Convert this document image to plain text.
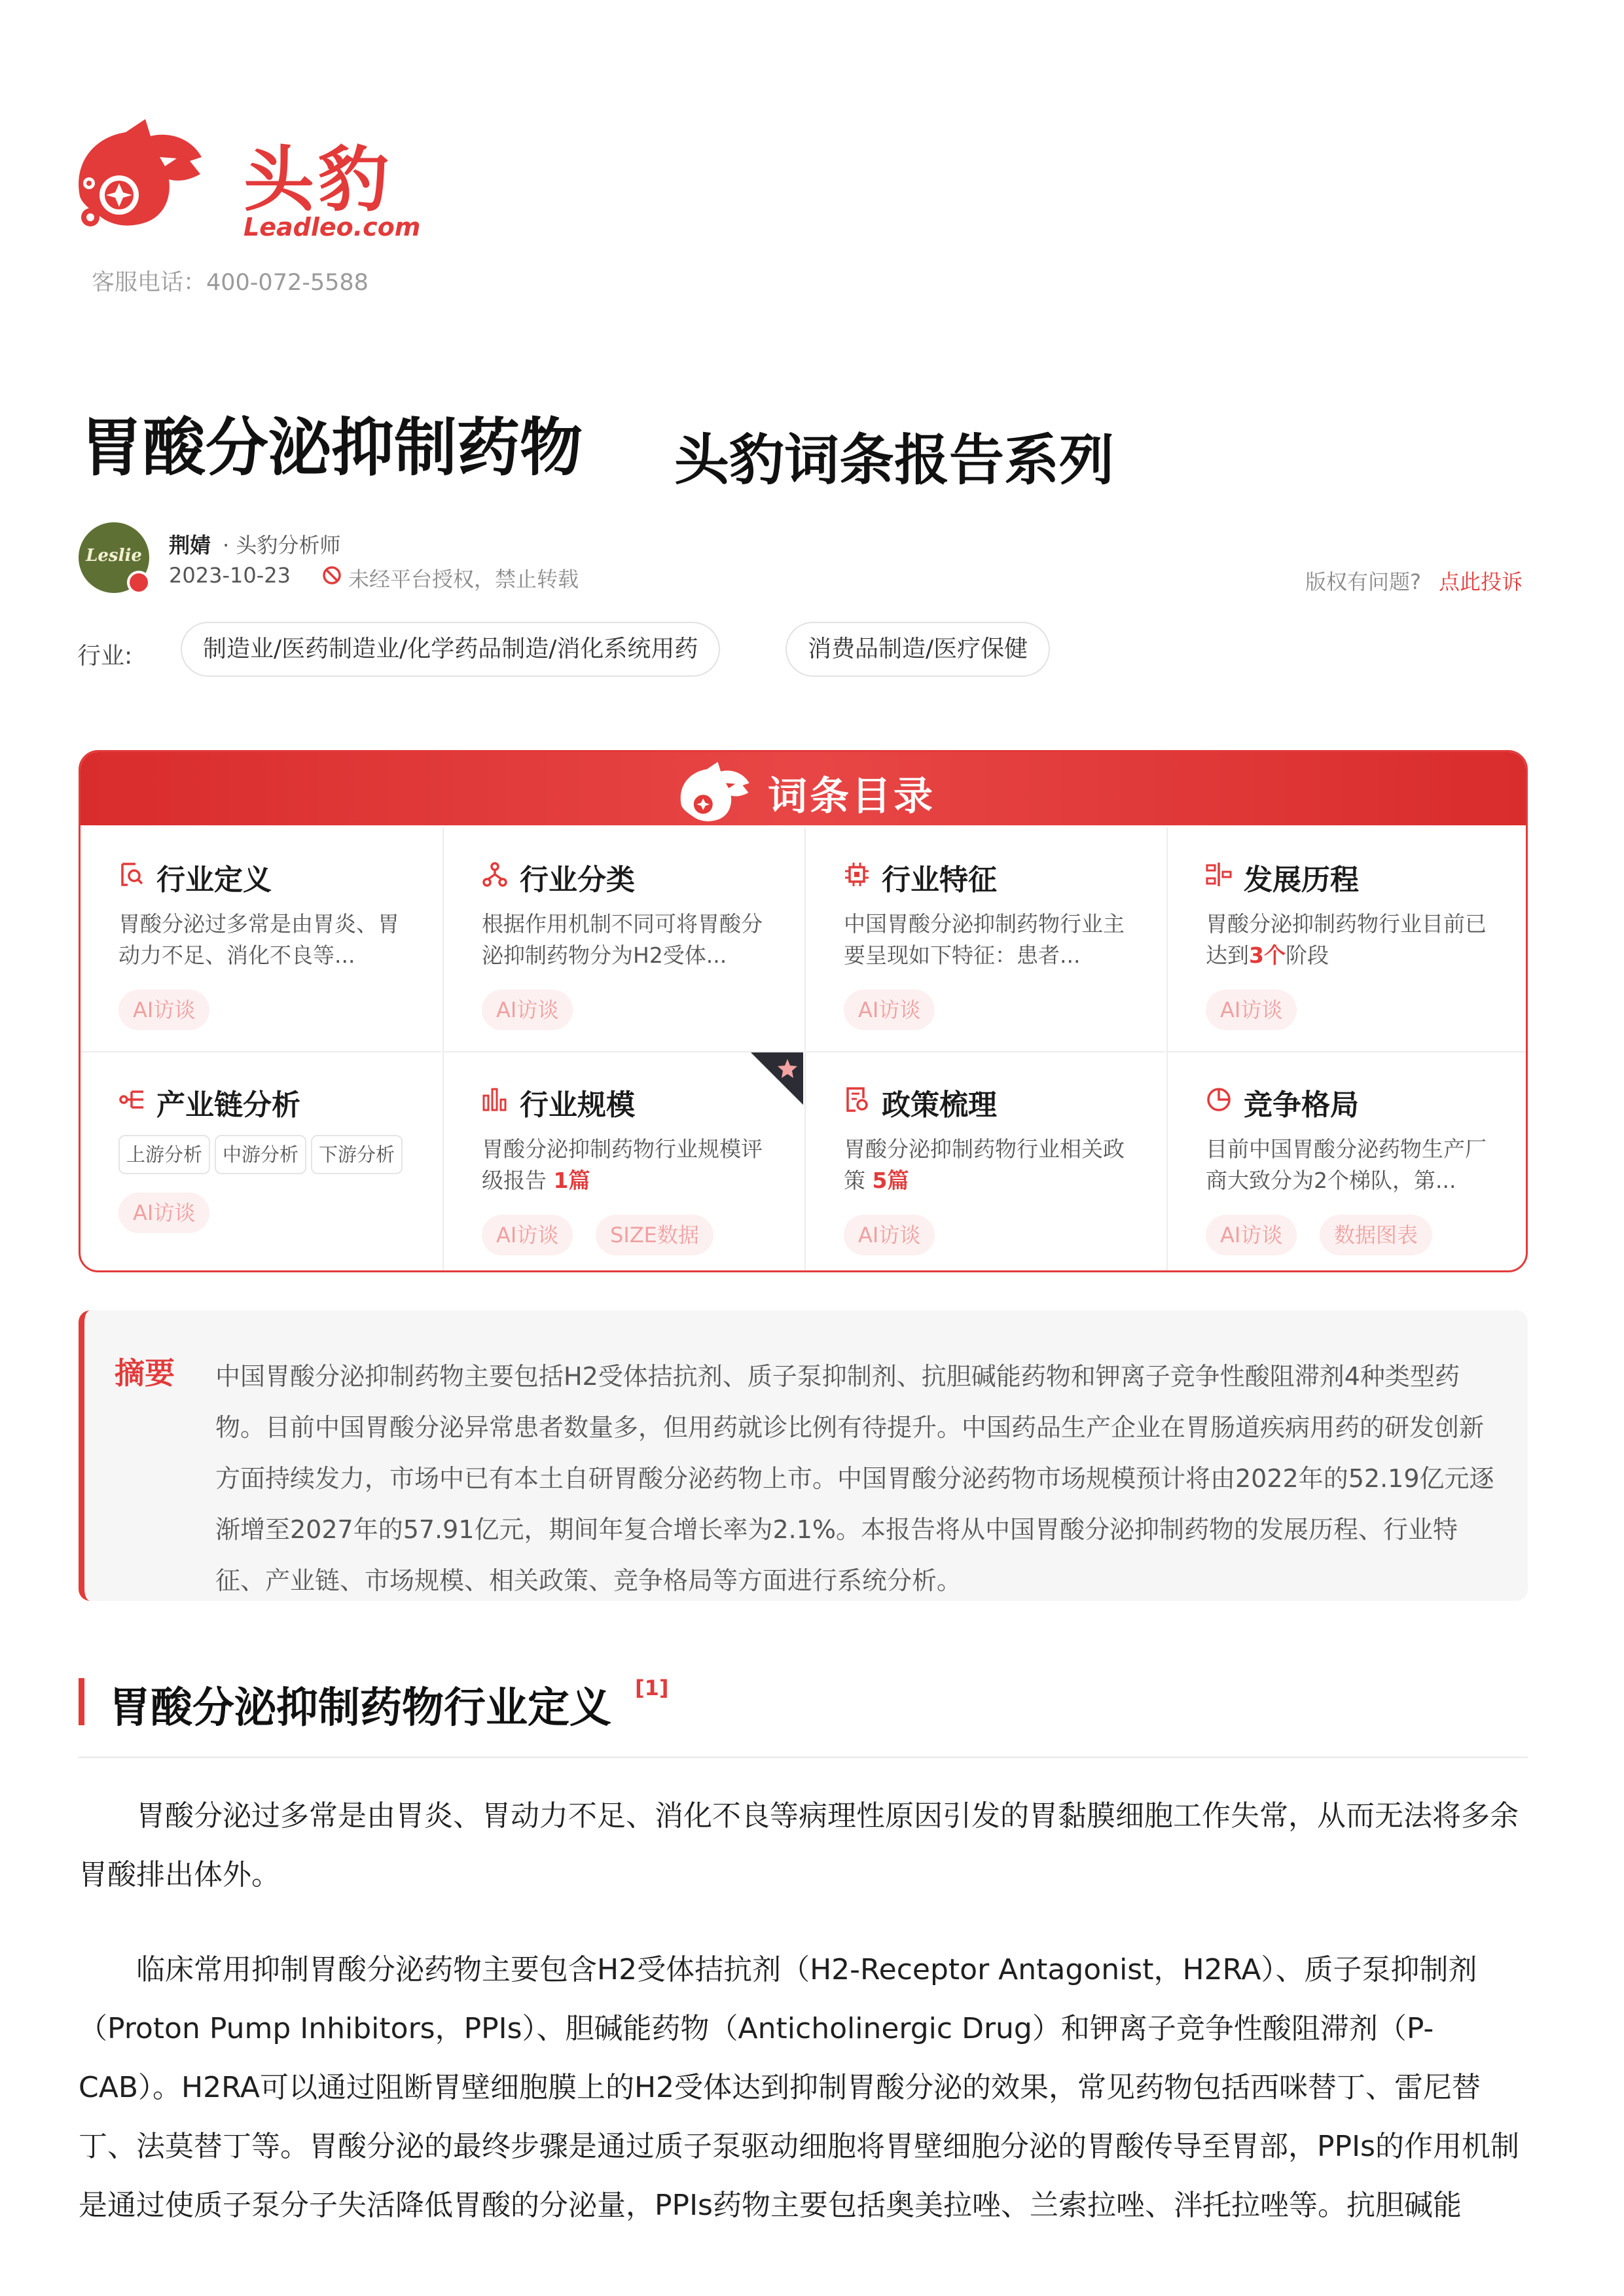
头豹
Leadleo.com
客服电话：400-072-5588
胃酸分泌抑制药物 头豹词条报告系列
Leslie	荆婧 · 头豹分析师
2023-10-23	未经平台授权，禁止转载	版权有问题? 点此投诉
行业:	制造业/医药制造业/化学药品制造/消化系统用药	消费品制造/医疗保健
词条目录
行业定义
胃酸分泌过多常是由胃炎、胃动力不足、消化不良等...
AI访谈
行业分类
根据作用机制不同可将胃酸分泌抑制药物分为H2受体...
AI访谈
行业特征
中国胃酸分泌抑制药物行业主要呈现如下特征：患者...
AI访谈
发展历程
胃酸分泌抑制药物行业目前已达到3个阶段
AI访谈
产业链分析
上游分析	中游分析	下游分析
AI访谈
行业规模
胃酸分泌抑制药物行业规模评级报告 1篇
AI访谈	SIZE数据
政策梳理
胃酸分泌抑制药物行业相关政策 5篇
AI访谈
竞争格局
目前中国胃酸分泌药物生产厂商大致分为2个梯队，第...
AI访谈	数据图表
摘要 中国胃酸分泌抑制药物主要包括H2受体拮抗剂、质子泵抑制剂、抗胆碱能药物和钾离子竞争性酸阻滞剂4种类型药物。目前中国胃酸分泌异常患者数量多，但用药就诊比例有待提升。中国药品生产企业在胃肠道疾病用药的研发创新方面持续发力，市场中已有本土自研胃酸分泌药物上市。中国胃酸分泌药物市场规模预计将由2022年的52.19亿元逐渐增至2027年的57.91亿元，期间年复合增长率为2.1%。本报告将从中国胃酸分泌抑制药物的发展历程、行业特征、产业链、市场规模、相关政策、竞争格局等方面进行系统分析。
胃酸分泌抑制药物行业定义 [1]
胃酸分泌过多常是由胃炎、胃动力不足、消化不良等病理性原因引发的胃黏膜细胞工作失常，从而无法将多余胃酸排出体外。
临床常用抑制胃酸分泌药物主要包含H2受体拮抗剂（H2-Receptor Antagonist，H2RA）、质子泵抑制剂（Proton Pump Inhibitors，PPIs）、胆碱能药物（Anticholinergic Drug）和钾离子竞争性酸阻滞剂（P-CAB）。H2RA可以通过阻断胃壁细胞膜上的H2受体达到抑制胃酸分泌的效果，常见药物包括西咪替丁、雷尼替丁、法莫替丁等。胃酸分泌的最终步骤是通过质子泵驱动细胞将胃壁细胞分泌的胃酸传导至胃部，PPIs的作用机制是通过使质子泵分子失活降低胃酸的分泌量，PPIs药物主要包括奥美拉唑、兰索拉唑、泮托拉唑等。抗胆碱能
